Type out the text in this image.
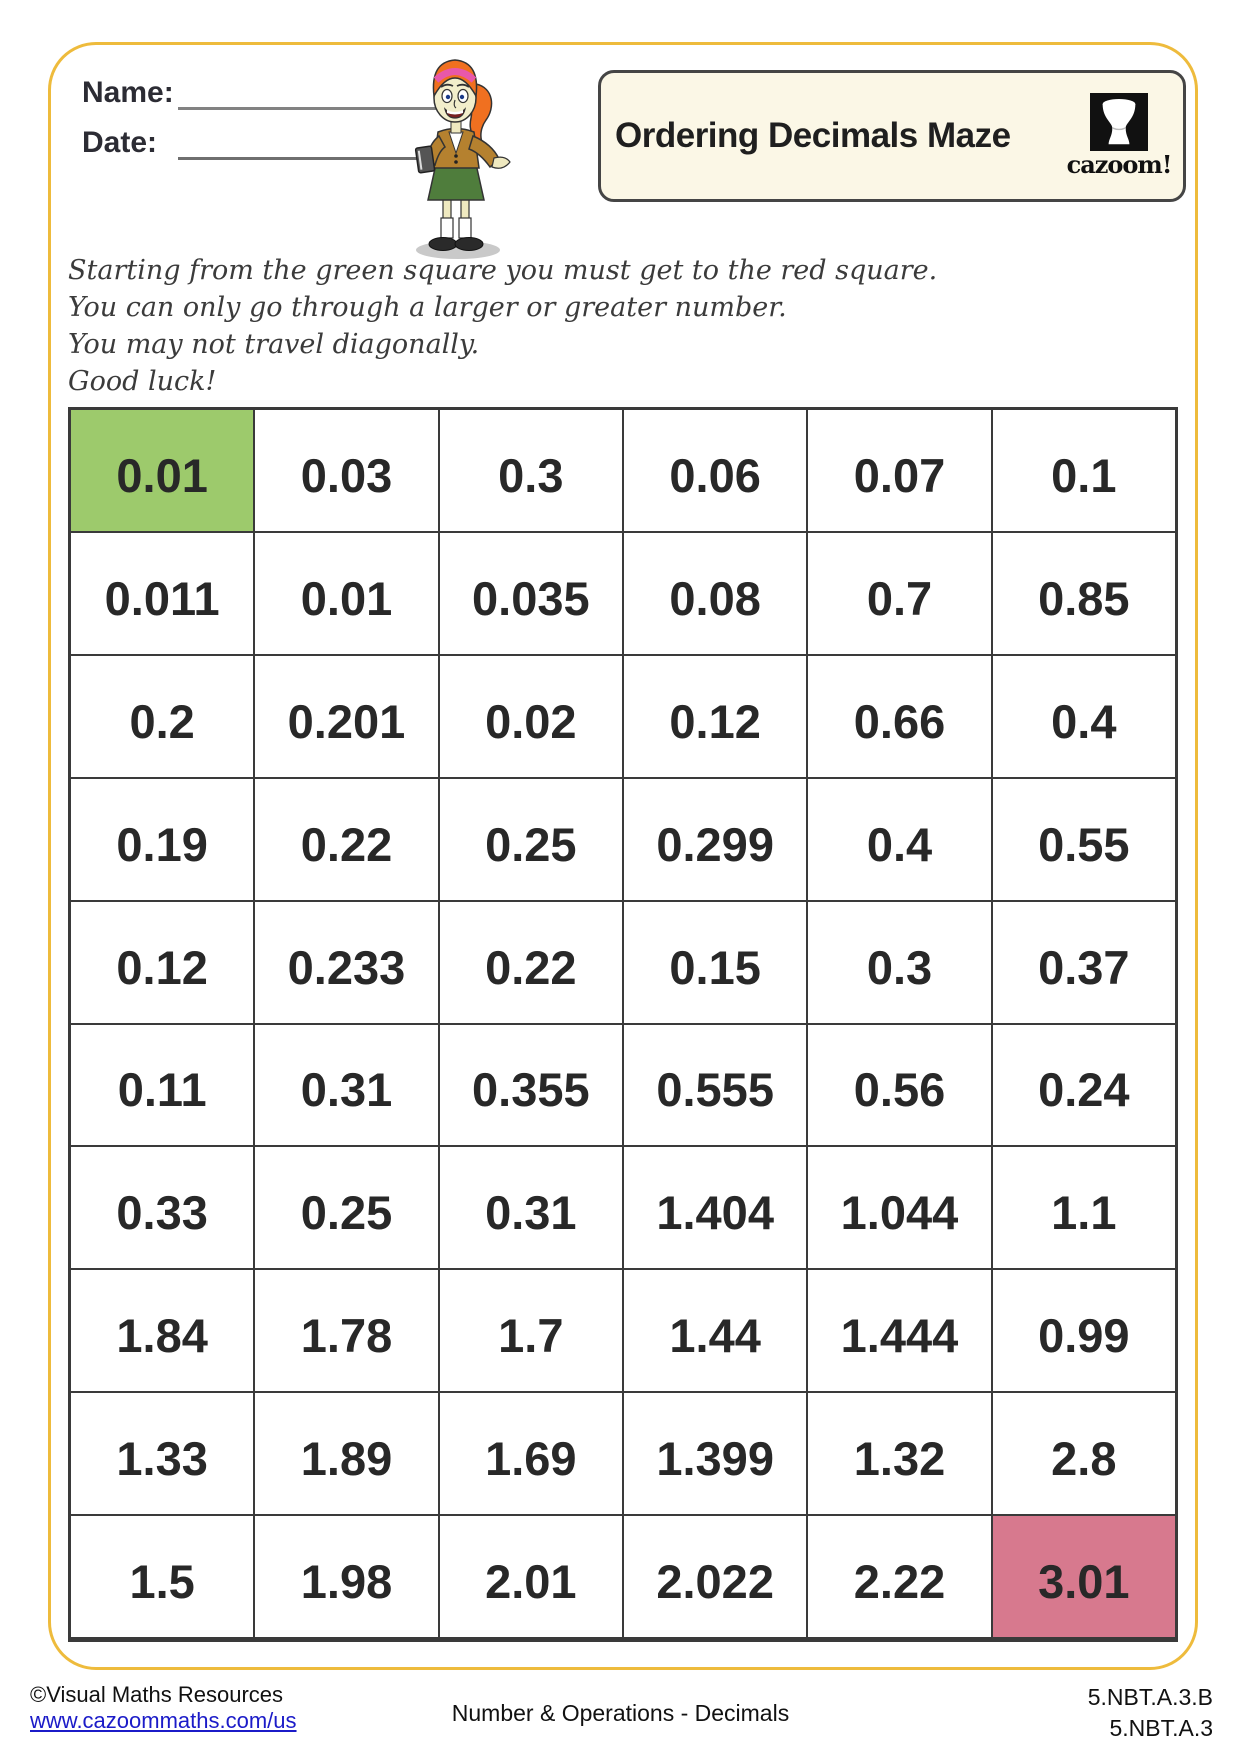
Name:
Date:	Ordering Decimals Maze
cazoom!
Starting from the green square you must get to the red square.
You can only go through a larger or greater number.
You may not travel diagonally.
Good luck!
0.01	0.03	0.3	0.06	0.07	0.1
0.011	0.01	0.035	0.08	0.7	0.85
0.2	0.201	0.02	0.12	0.66	0.4
0.19	0.22	0.25	0.299	0.4	0.55
0.12	0.233	0.22	0.15	0.3	0.37
0.11	0.31	0.355	0.555	0.56	0.24
0.33	0.25	0.31	1.404	1.044	1.1
1.84	1.78	1.7	1.44	1.444	0.99
1.33	1.89	1.69	1.399	1.32	2.8
1.5	1.98	2.01	2.022	2.22	3.01
©Visual Maths Resources
www.cazoommaths.com/us	Number & Operations - Decimals
5.NBT.A.3.B
5.NBT.A.3
